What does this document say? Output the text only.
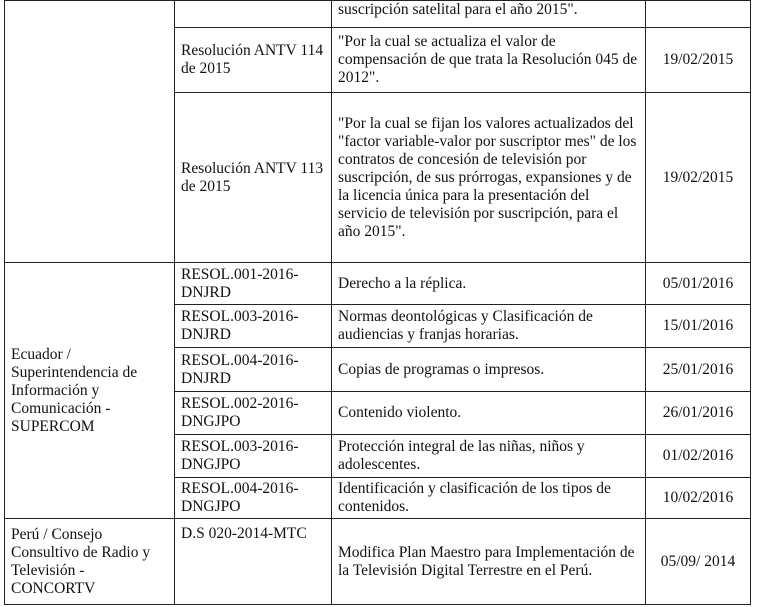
		suscripción satelital para el año 2015".	
	Resolución ANTV 114 de 2015	"Por la cual se actualiza el valor de compensación de que trata la Resolución 045 de 2012".	19/02/2015
	Resolución ANTV 113 de 2015	"Por la cual se fijan los valores actualizados del "factor variable-valor por suscriptor mes" de los contratos de concesión de televisión por suscripción, de sus prórrogas, expansiones y de la licencia única para la presentación del servicio de televisión por suscripción, para el año 2015".	19/02/2015
Ecuador / Superintendencia de Información y Comunicación - SUPERCOM	RESOL.001-2016-DNJRD	Derecho a la réplica.	05/01/2016
	RESOL.003-2016-DNJRD	Normas deontológicas y Clasificación de audiencias y franjas horarias.	15/01/2016
	RESOL.004-2016-DNJRD	Copias de programas o impresos.	25/01/2016
	RESOL.002-2016-DNGJPO	Contenido violento.	26/01/2016
	RESOL.003-2016-DNGJPO	Protección integral de las niñas, niños y adolescentes.	01/02/2016
	RESOL.004-2016-DNGJPO	Identificación y clasificación de los tipos de contenidos.	10/02/2016
Perú / Consejo Consultivo de Radio y Televisión - CONCORTV	D.S 020-2014-MTC	Modifica Plan Maestro para Implementación de la Televisión Digital Terrestre en el Perú.	05/09/ 2014
